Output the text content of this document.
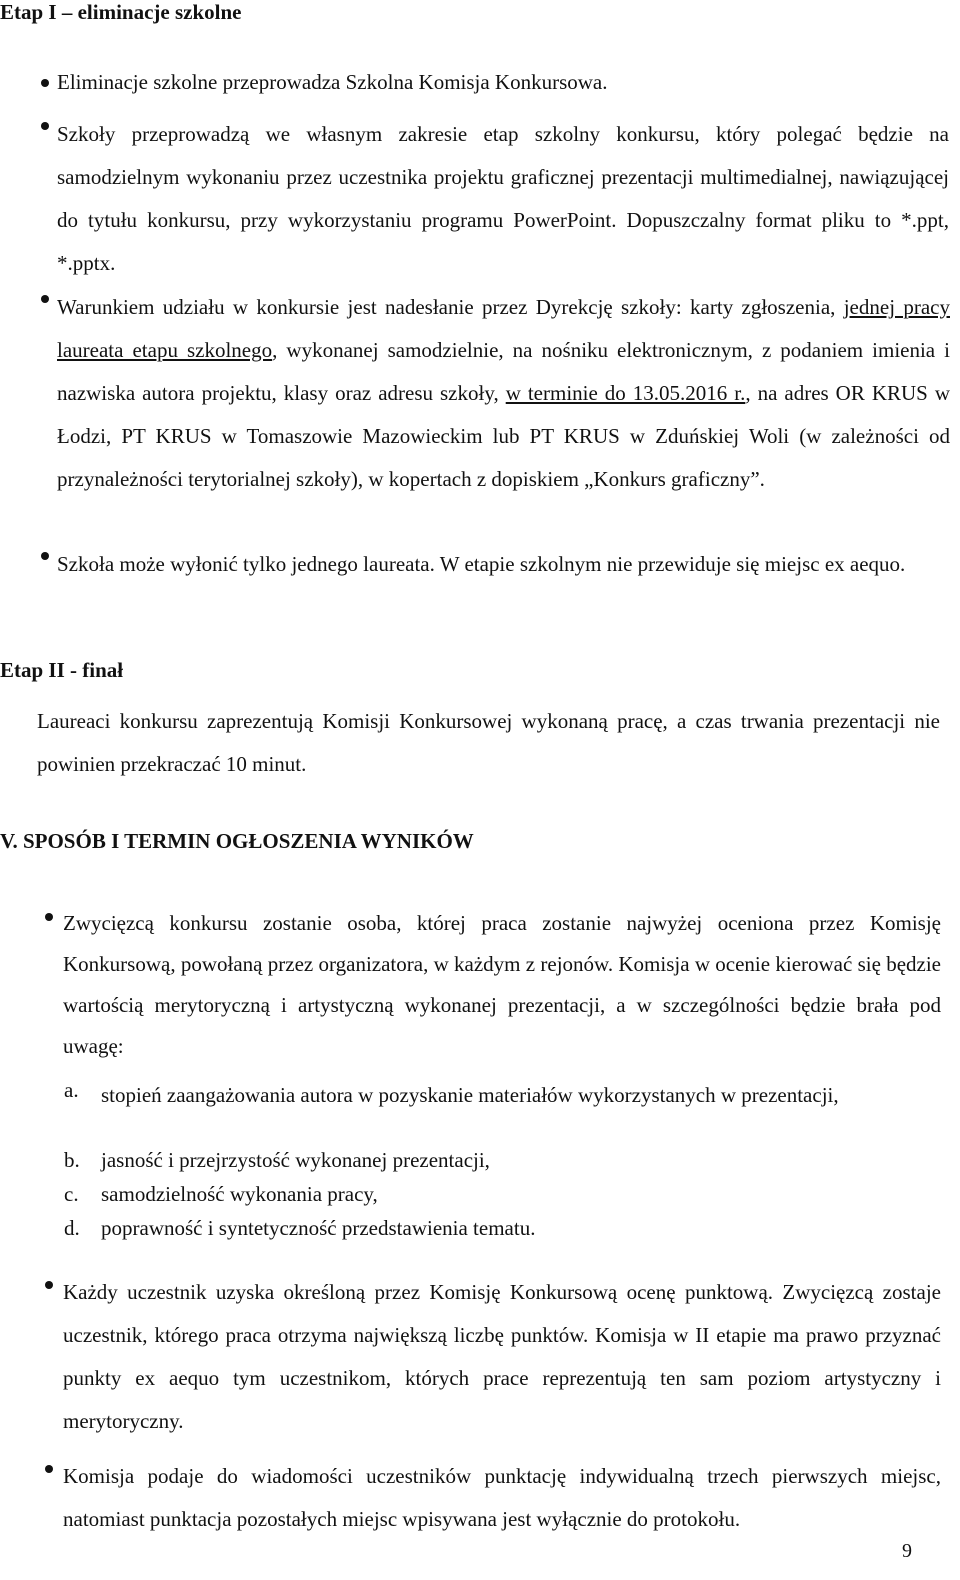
Etap I – eliminacje szkolne

Eliminacje szkolne przeprowadza Szkolna Komisja Konkursowa.

Szkoły przeprowadzą we własnym zakresie etap szkolny konkursu, który polegać będzie na samodzielnym wykonaniu przez uczestnika projektu graficznej prezentacji multimedialnej, nawiązującej do tytułu konkursu, przy wykorzystaniu programu PowerPoint. Dopuszczalny format pliku to *.ppt, *.pptx.

Warunkiem udziału w konkursie jest nadesłanie przez Dyrekcję szkoły: karty zgłoszenia, jednej pracy laureata etapu szkolnego, wykonanej samodzielnie, na nośniku elektronicznym, z podaniem imienia i nazwiska autora projektu, klasy oraz adresu szkoły, w terminie do 13.05.2016 r., na adres OR KRUS w Łodzi, PT KRUS w Tomaszowie Mazowieckim lub PT KRUS w Zduńskiej Woli (w zależności od przynależności terytorialnej szkoły), w kopertach z dopiskiem „Konkurs graficzny”.

Szkoła może wyłonić tylko jednego laureata. W etapie szkolnym nie przewiduje się miejsc ex aequo.

Etap II - finał

Laureaci konkursu zaprezentują Komisji Konkursowej wykonaną pracę, a czas trwania prezentacji nie powinien przekraczać 10 minut.

V. SPOSÓB I TERMIN OGŁOSZENIA WYNIKÓW

Zwycięzcą konkursu zostanie osoba, której praca zostanie najwyżej oceniona przez Komisję Konkursową, powołaną przez organizatora, w każdym z rejonów. Komisja w ocenie kierować się będzie wartością merytoryczną i artystyczną wykonanej prezentacji, a w szczególności będzie brała pod uwagę:

a. stopień zaangażowania autora w pozyskanie materiałów wykorzystanych w prezentacji,

b. jasność i przejrzystość wykonanej prezentacji,

c. samodzielność wykonania pracy,

d. poprawność i syntetyczność przedstawienia tematu.

Każdy uczestnik uzyska określoną przez Komisję Konkursową ocenę punktową. Zwycięzcą zostaje uczestnik, którego praca otrzyma największą liczbę punktów. Komisja w II etapie ma prawo przyznać punkty ex aequo tym uczestnikom, których prace reprezentują ten sam poziom artystyczny i merytoryczny.

Komisja podaje do wiadomości uczestników punktację indywidualną trzech pierwszych miejsc, natomiast punktacja pozostałych miejsc wpisywana jest wyłącznie do protokołu.

9
